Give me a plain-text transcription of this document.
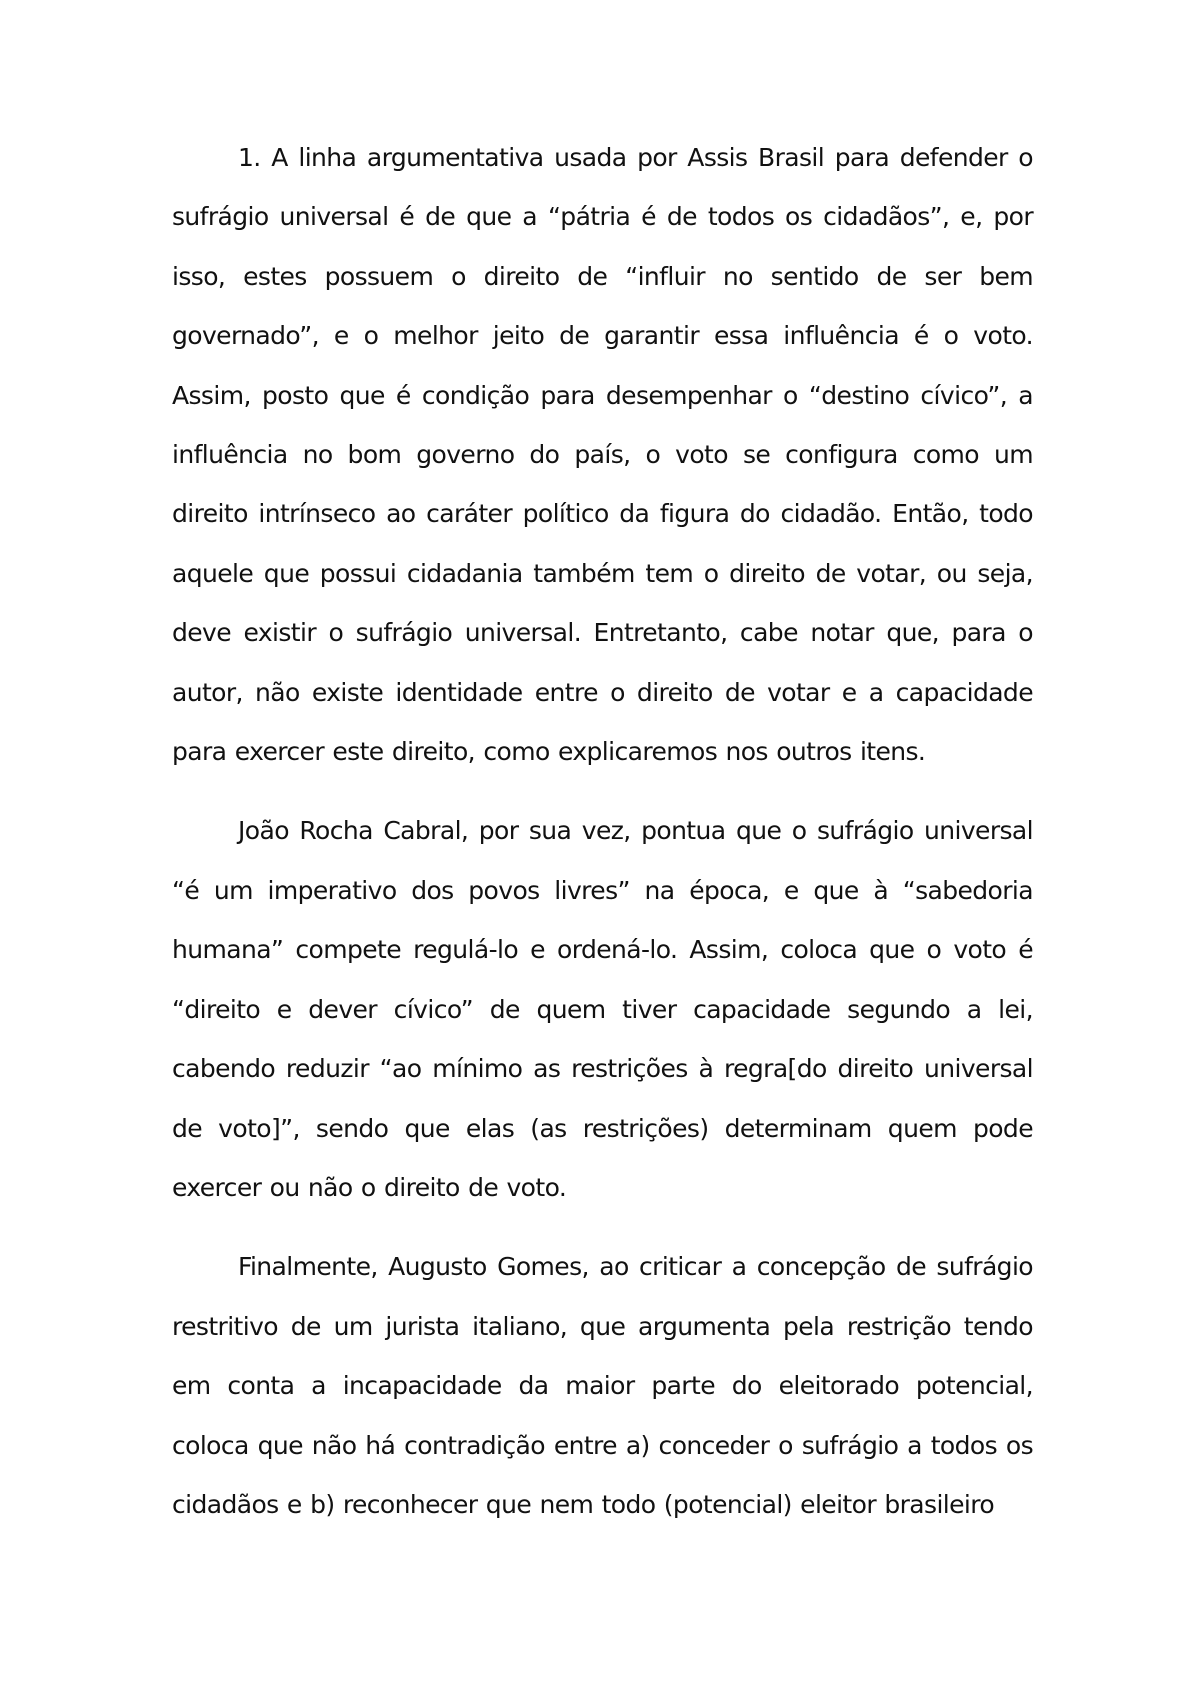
1. A linha argumentativa usada por Assis Brasil para defender o sufrágio universal é de que a “pátria é de todos os cidadãos”, e, por isso, estes possuem o direito de “influir no sentido de ser bem governado”, e o melhor jeito de garantir essa influência é o voto. Assim, posto que é condição para desempenhar o “destino cívico”, a influência no bom governo do país, o voto se configura como um direito intrínseco ao caráter político da figura do cidadão. Então, todo aquele que possui cidadania também tem o direito de votar, ou seja, deve existir o sufrágio universal. Entretanto, cabe notar que, para o autor, não existe identidade entre o direito de votar e a capacidade para exercer este direito, como explicaremos nos outros itens.

João Rocha Cabral, por sua vez, pontua que o sufrágio universal “é um imperativo dos povos livres” na época, e que à “sabedoria humana” compete regulá-lo e ordená-lo. Assim, coloca que o voto é “direito e dever cívico” de quem tiver capacidade segundo a lei, cabendo reduzir “ao mínimo as restrições à regra[do direito universal de voto]”, sendo que elas (as restrições) determinam quem pode exercer ou não o direito de voto.

Finalmente, Augusto Gomes, ao criticar a concepção de sufrágio restritivo de um jurista italiano, que argumenta pela restrição tendo em conta a incapacidade da maior parte do eleitorado potencial, coloca que não há contradição entre a) conceder o sufrágio a todos os cidadãos e b) reconhecer que nem todo (potencial) eleitor brasileiro
